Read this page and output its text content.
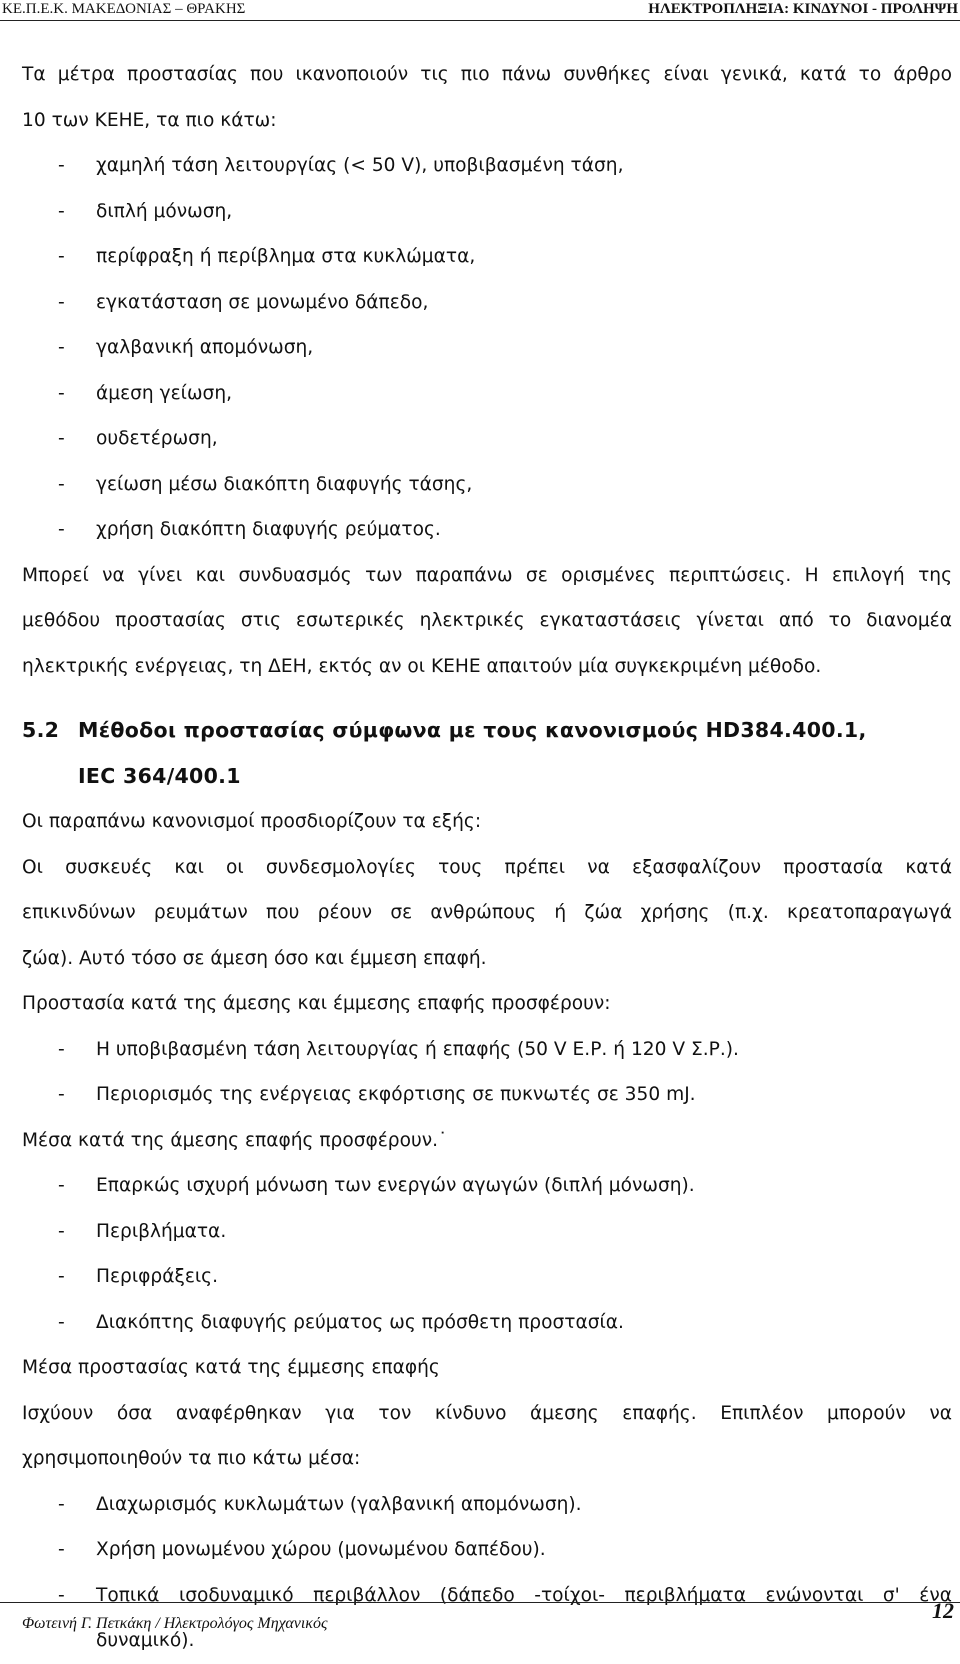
ΚΕ.Π.Ε.Κ. ΜΑΚΕΔΟΝΙΑΣ – ΘΡΑΚΗΣ	ΗΛΕΚΤΡΟΠΛΗΞΙΑ: ΚΙΝΔΥΝΟΙ - ΠΡΟΛΗΨΗ

Τα μέτρα προστασίας που ικανοποιούν τις πιο πάνω συνθήκες είναι γενικά, κατά το άρθρο

10 των ΚΕΗΕ, τα πιο κάτω:

- χαμηλή τάση λειτουργίας (< 50 V), υποβιβασμένη τάση,

- διπλή μόνωση,

- περίφραξη ή περίβλημα στα κυκλώματα,

- εγκατάσταση σε μονωμένο δάπεδο,

- γαλβανική απομόνωση,

- άμεση γείωση,

- ουδετέρωση,

- γείωση μέσω διακόπτη διαφυγής τάσης,

- χρήση διακόπτη διαφυγής ρεύματος.

Μπορεί να γίνει και συνδυασμός των παραπάνω σε ορισμένες περιπτώσεις. Η επιλογή της

μεθόδου προστασίας στις εσωτερικές ηλεκτρικές εγκαταστάσεις γίνεται από το διανομέα

ηλεκτρικής ενέργειας, τη ΔΕΗ, εκτός αν οι ΚΕΗΕ απαιτούν μία συγκεκριμένη μέθοδο.

5.2 Μέθοδοι προστασίας σύμφωνα με τους κανονισμούς HD384.400.1,

IEC 364/400.1

Οι παραπάνω κανονισμοί προσδιορίζουν τα εξής:

Οι συσκευές και οι συνδεσμολογίες τους πρέπει να εξασφαλίζουν προστασία κατά

επικινδύνων ρευμάτων που ρέουν σε ανθρώπους ή ζώα χρήσης (π.χ. κρεατοπαραγωγά

ζώα). Αυτό τόσο σε άμεση όσο και έμμεση επαφή.

Προστασία κατά της άμεσης και έμμεσης επαφής προσφέρουν:

- Η υποβιβασμένη τάση λειτουργίας ή επαφής (50 V Ε.Ρ. ή 120 V Σ.Ρ.).

- Περιορισμός της ενέργειας εκφόρτισης σε πυκνωτές σε 350 mJ.

Μέσα κατά της άμεσης επαφής προσφέρουν.˙

- Επαρκώς ισχυρή μόνωση των ενεργών αγωγών (διπλή μόνωση).

- Περιβλήματα.

- Περιφράξεις.

- Διακόπτης διαφυγής ρεύματος ως πρόσθετη προστασία.

Μέσα προστασίας κατά της έμμεσης επαφής

Ισχύουν όσα αναφέρθηκαν για τον κίνδυνο άμεσης επαφής. Επιπλέον μπορούν να

χρησιμοποιηθούν τα πιο κάτω μέσα:

- Διαχωρισμός κυκλωμάτων (γαλβανική απομόνωση).

- Χρήση μονωμένου χώρου (μονωμένου δαπέδου).

- Τοπικά ισοδυναμικό περιβάλλον (δάπεδο -τοίχοι- περιβλήματα ενώνονται σ' ένα

δυναμικό).

Φωτεινή Γ. Πετκάκη / Ηλεκτρολόγος Μηχανικός
12
